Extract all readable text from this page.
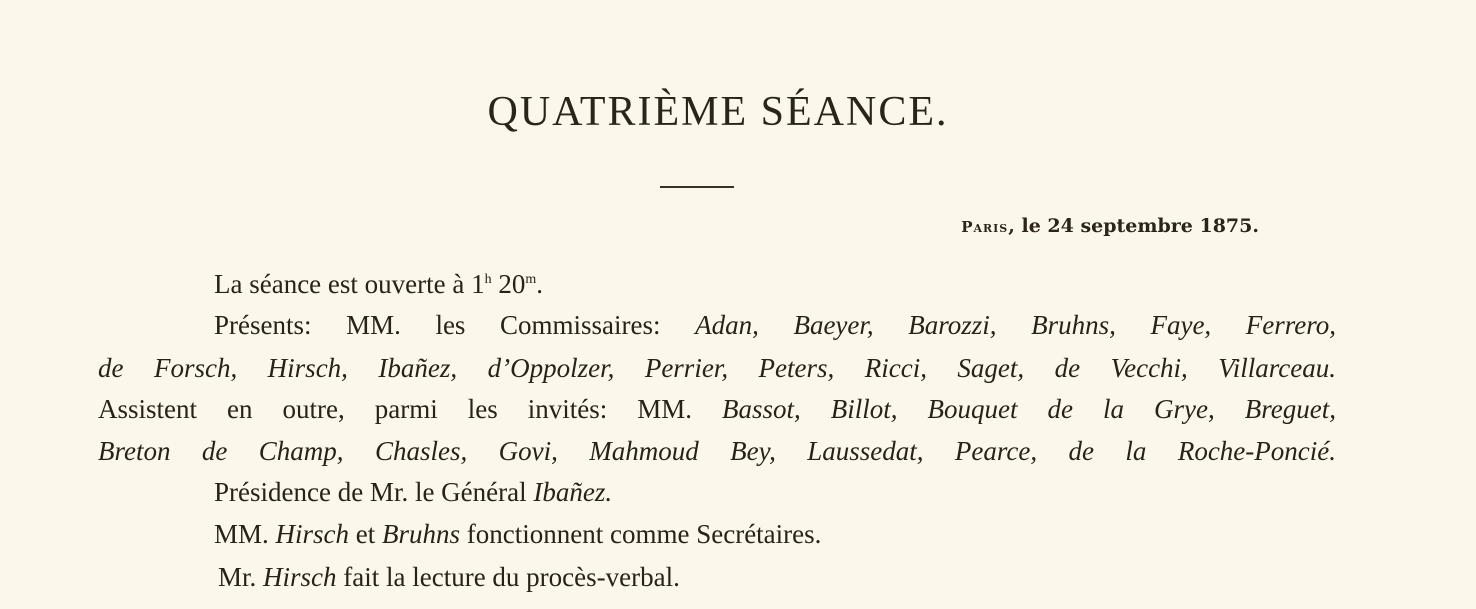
QUATRIÈME SÉANCE.
Paris, le 24 septembre 1875.
La séance est ouverte à 1$^h$ 20$^m$.
Présents: MM. les Commissaires: Adan, Baeyer, Barozzi, Bruhns, Faye, Ferrero,
de Forsch, Hirsch, Ibañez, d’Oppolzer, Perrier, Peters, Ricci, Saget, de Vecchi, Villarceau.
Assistent en outre, parmi les invités: MM. Bassot, Billot, Bouquet de la Grye, Breguet,
Breton de Champ, Chasles, Govi, Mahmoud Bey, Laussedat, Pearce, de la Roche-Poncié.
Présidence de Mr. le Général Ibañez.
MM. Hirsch et Bruhns fonctionnent comme Secrétaires.
Mr. Hirsch fait la lecture du procès-verbal.
